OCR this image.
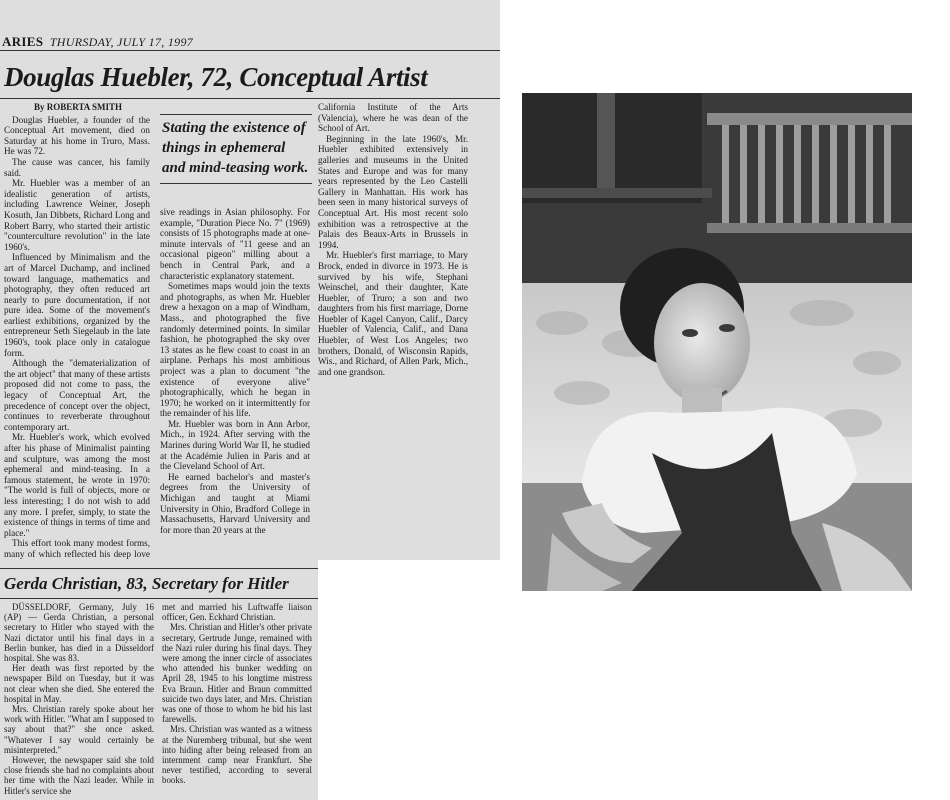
ARIES THURSDAY, JULY 17, 1997
Douglas Huebler, 72, Conceptual Artist
By ROBERTA SMITH

Douglas Huebler, a founder of the Conceptual Art movement, died on Saturday at his home in Truro, Mass. He was 72.

The cause was cancer, his family said.

Mr. Huebler was a member of an idealistic generation of artists, including Lawrence Weiner, Joseph Kosuth, Jan Dibbets, Richard Long and Robert Barry, who started their artistic "counterculture revolution" in the late 1960's.

Influenced by Minimalism and the art of Marcel Duchamp, and inclined toward language, mathematics and photography, they often reduced art nearly to pure documentation, if not pure idea. Some of the movement's earliest exhibitions, organized by the entrepreneur Seth Siegelaub in the late 1960's, took place only in catalogue form.

Although the "dematerialization of the art object" that many of these artists proposed did not come to pass, the legacy of Conceptual Art, the precedence of concept over the object, continues to reverberate throughout contemporary art.

Mr. Huebler's work, which evolved after his phase of Minimalist painting and sculpture, was among the most ephemeral and mind-teasing. In a famous statement, he wrote in 1970: "The world is full of objects, more or less interesting; I do not wish to add any more. I prefer, simply, to state the existence of things in terms of time and place."

This effort took many modest forms, many of which reflected his deep love

Stating the existence of things in ephemeral and mind-teasing work.

sive readings in Asian philosophy. For example, "Duration Piece No. 7" (1969) consists of 15 photographs made at one-minute intervals of "11 geese and an occasional pigeon" milling about a bench in Central Park, and a characteristic explanatory statement.

Sometimes maps would join the texts and photographs, as when Mr. Huebler drew a hexagon on a map of Windham, Mass., and photographed the five randomly determined points. In similar fashion, he photographed the sky over 13 states as he flew coast to coast in an airplane. Perhaps his most ambitious project was a plan to document "the existence of everyone alive" photographically, which he began in 1970; he worked on it intermittently for the remainder of his life.

Mr. Huebler was born in Ann Arbor, Mich., in 1924. After serving with the Marines during World War II, he studied at the Académie Julien in Paris and at the Cleveland School of Art.

He earned bachelor's and master's degrees from the University of Michigan and taught at Miami University in Ohio, Bradford College in Massachusetts, Harvard University and for more than 20 years at the

California Institute of the Arts (Valencia), where he was dean of the School of Art.

Beginning in the late 1960's, Mr. Huebler exhibited extensively in galleries and museums in the United States and Europe and was for many years represented by the Leo Castelli Gallery in Manhattan. His work has been seen in many historical surveys of Conceptual Art. His most recent solo exhibition was a retrospective at the Palais des Beaux-Arts in Brussels in 1994.

Mr. Huebler's first marriage, to Mary Brock, ended in divorce in 1973. He is survived by his wife, Stephani Weinschel, and their daughter, Kate Huebler, of Truro; a son and two daughters from his first marriage, Dorne Huebler of Kagel Canyon, Calif., Darcy Huebler of Valencia, Calif., and Dana Huebler, of West Los Angeles; two brothers, Donald, of Wisconsin Rapids, Wis., and Richard, of Allen Park, Mich., and one grandson.

Gerda Christian, 83, Secretary for Hitler

DÜSSELDORF, Germany, July 16 (AP) — Gerda Christian, a personal secretary to Hitler who stayed with the Nazi dictator until his final days in a Berlin bunker, has died in a Düsseldorf hospital. She was 83.

Her death was first reported by the newspaper Bild on Tuesday, but it was not clear when she died. She entered the hospital in May.

Mrs. Christian rarely spoke about her work with Hitler. "What am I supposed to say about that?" she once asked. "Whatever I say would certainly be misinterpreted."

However, the newspaper said she told close friends she had no complaints about her time with the Nazi leader. While in Hitler's service she

met and married his Luftwaffe liaison officer, Gen. Eckhard Christian.

Mrs. Christian and Hitler's other private secretary, Gertrude Junge, remained with the Nazi ruler during his final days. They were among the inner circle of associates who attended his bunker wedding on April 28, 1945 to his longtime mistress Eva Braun. Hitler and Braun committed suicide two days later, and Mrs. Christian was one of those to whom he bid his last farewells.

Mrs. Christian was wanted as a witness at the Nuremberg tribunal, but she went into hiding after being released from an internment camp near Frankfurt. She never testified, according to several books.
